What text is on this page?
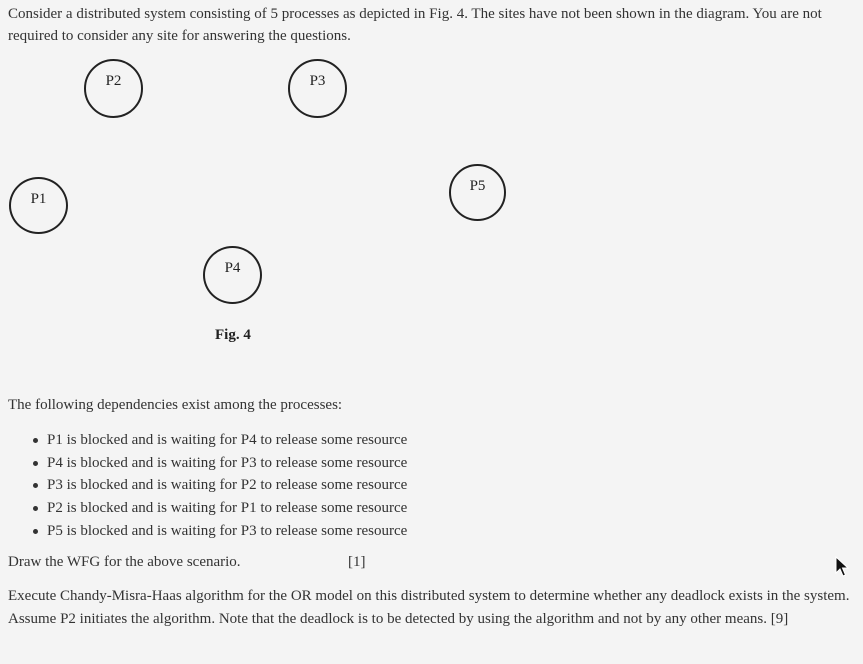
Consider a distributed system consisting of 5 processes as depicted in Fig. 4. The sites have not been shown in the diagram. You are not required to consider any site for answering the questions.

P2	P3
P5
P1
P4
Fig. 4

The following dependencies exist among the processes:

P1 is blocked and is waiting for P4 to release some resource
P4 is blocked and is waiting for P3 to release some resource
P3 is blocked and is waiting for P2 to release some resource
P2 is blocked and is waiting for P1 to release some resource
P5 is blocked and is waiting for P3 to release some resource

Draw the WFG for the above scenario.	[1]

Execute Chandy-Misra-Haas algorithm for the OR model on this distributed system to determine whether any deadlock exists in the system. Assume P2 initiates the algorithm. Note that the deadlock is to be detected by using the algorithm and not by any other means. [9]
